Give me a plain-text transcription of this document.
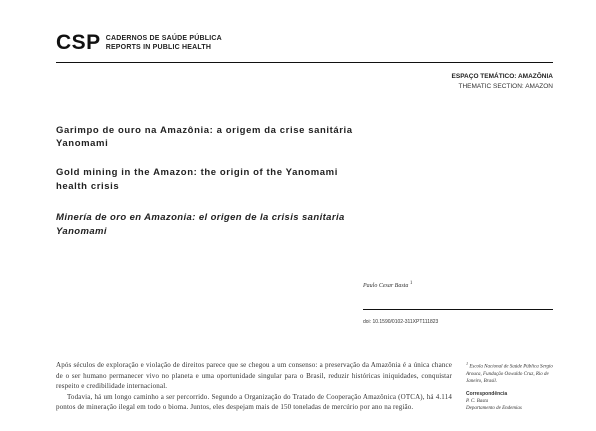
CSP CADERNOS DE SAÚDE PÚBLICA
REPORTS IN PUBLIC HEALTH
ESPAÇO TEMÁTICO: AMAZÔNIA
THEMATIC SECTION: AMAZON
Garimpo de ouro na Amazônia: a origem da crise sanitária Yanomami
Gold mining in the Amazon: the origin of the Yanomami health crisis
Minería de oro en Amazonia: el origen de la crisis sanitaria Yanomami
Paulo Cesar Basta $^1$
doi: 10.1590/0102-311XPT111823

Após séculos de exploração e violação de direitos parece que se chegou a um consenso: a preservação da Amazônia é a única chance de o ser humano permanecer vivo no planeta e uma oportunidade singular para o Brasil, reduzir históricas iniquidades, conquistar respeito e credibilidade internacional.

Todavia, há um longo caminho a ser percorrido. Segundo a Organização do Tratado de Cooperação Amazônica (OTCA), há 4.114 pontos de mineração ilegal em todo o bioma. Juntos, eles despejam mais de 150 toneladas de mercúrio por ano na região.

$^1$ Escola Nacional de Saúde Pública Sergio Arouca, Fundação Oswaldo Cruz, Rio de Janeiro, Brasil.
Correspondência
P. C. Basta
Departamento de Endemias
